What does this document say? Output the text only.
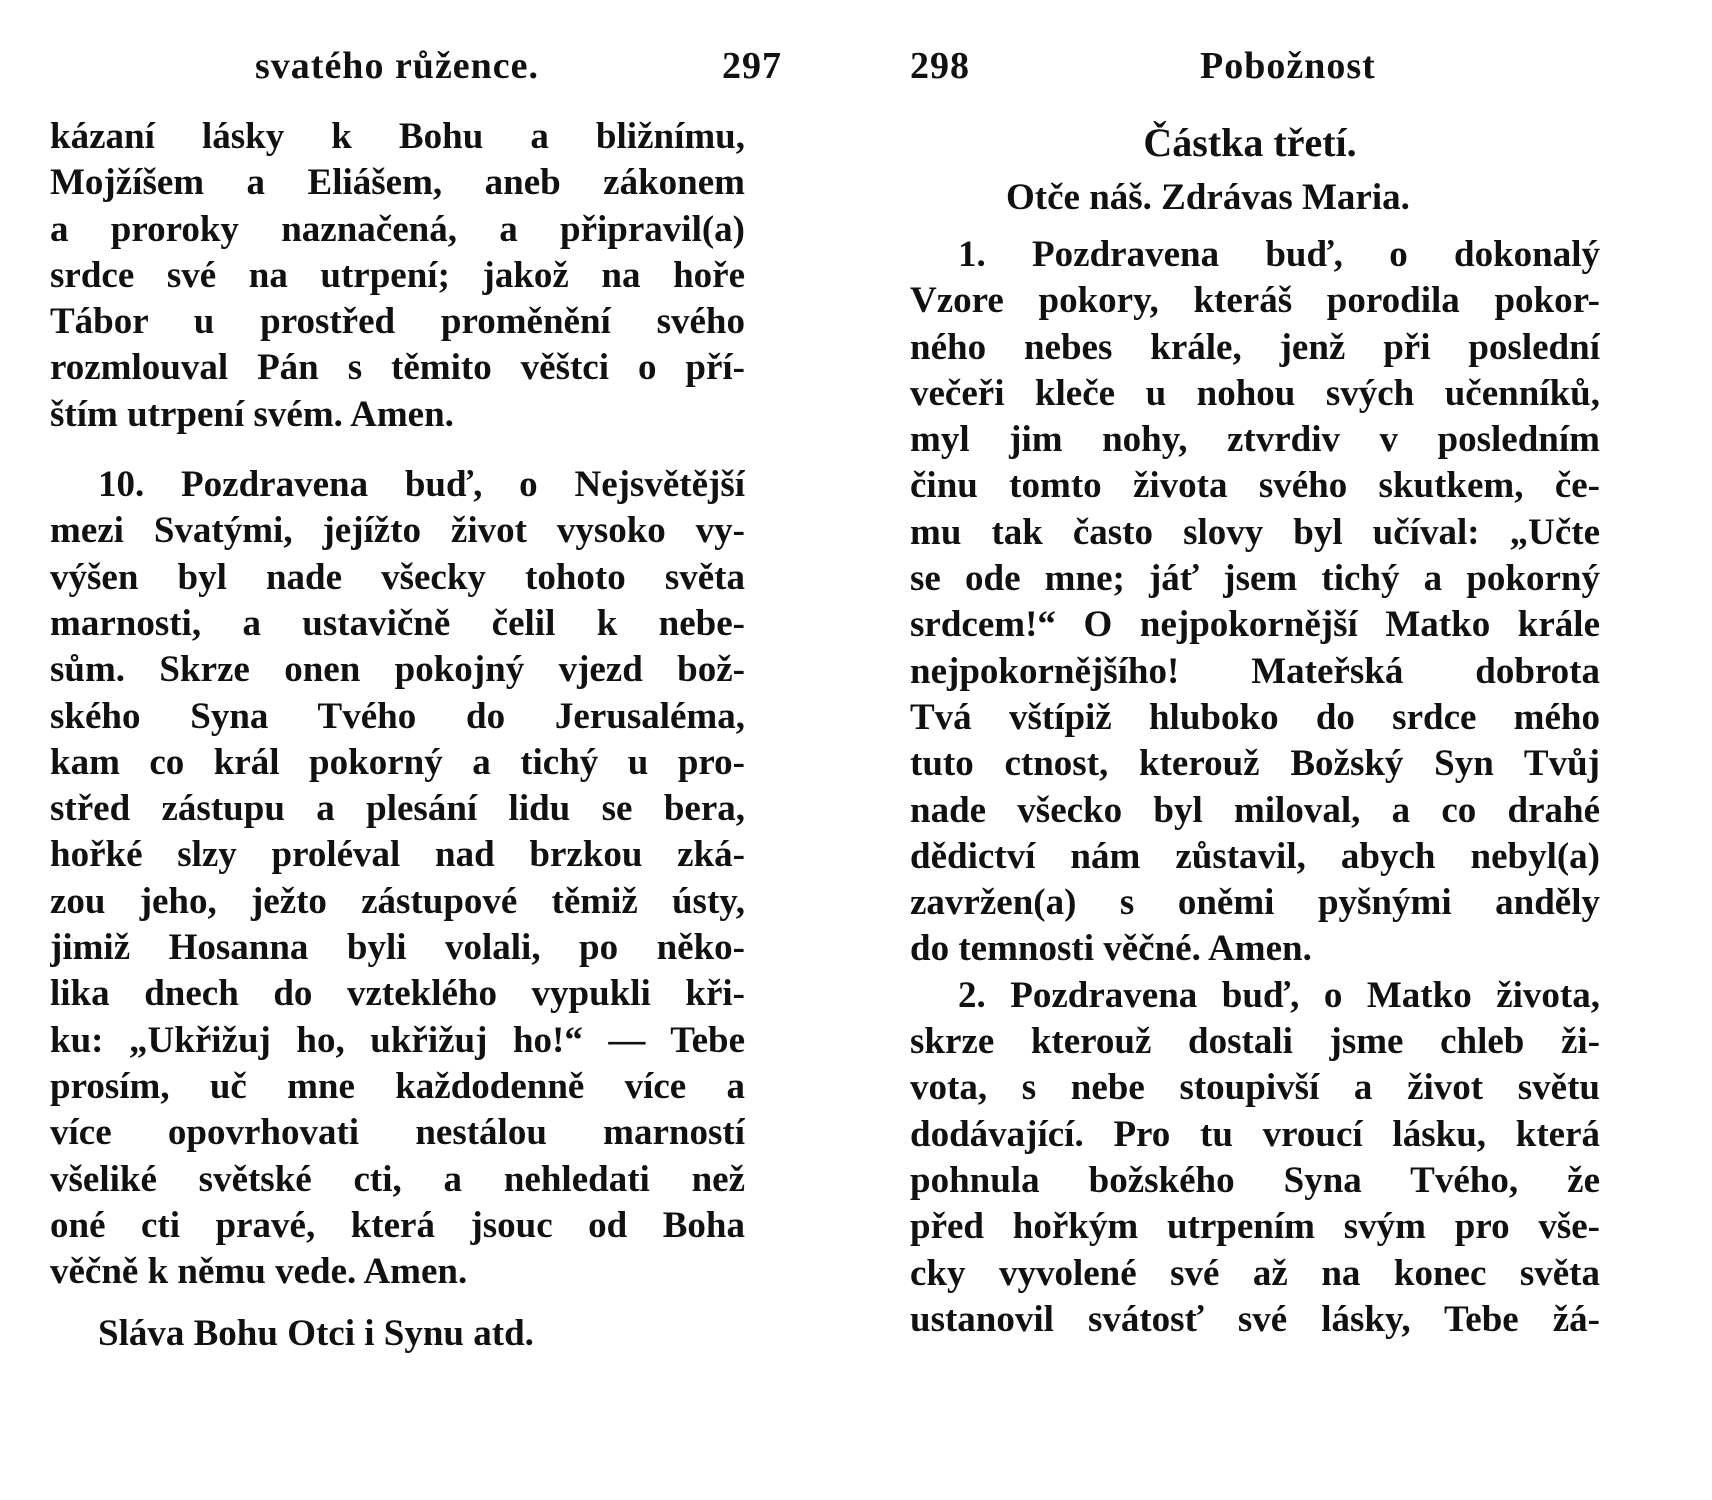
svatého růžence.	297
kázaní lásky k Bohu a bližnímu,
Mojžíšem a Eliášem, aneb zákonem
a proroky naznačená, a připravil(a)
srdce své na utrpení; jakož na hoře
Tábor u prostřed proměnění svého
rozmlouval Pán s těmito věštci o pří-
štím utrpení svém. Amen.
10. Pozdravena buď, o Nejsvětější
mezi Svatými, jejížto život vysoko vy-
výšen byl nade všecky tohoto světa
marnosti, a ustavičně čelil k nebe-
sům. Skrze onen pokojný vjezd bož-
ského Syna Tvého do Jerusaléma,
kam co král pokorný a tichý u pro-
střed zástupu a plesání lidu se bera,
hořké slzy proléval nad brzkou zká-
zou jeho, ježto zástupové těmiž ústy,
jimiž Hosanna byli volali, po něko-
lika dnech do vzteklého vypukli kři-
ku: „Ukřižuj ho, ukřižuj ho!“ — Tebe
prosím, uč mne každodenně více a
více opovrhovati nestálou marností
všeliké světské cti, a nehledati než
oné cti pravé, která jsouc od Boha
věčně k němu vede. Amen.
Sláva Bohu Otci i Synu atd.
298	Pobožnost
Částka třetí.
Otče náš. Zdrávas Maria.
1. Pozdravena buď, o dokonalý
Vzore pokory, kteráš porodila pokor-
ného nebes krále, jenž při poslední
večeři kleče u nohou svých učenníků,
myl jim nohy, ztvrdiv v posledním
činu tomto života svého skutkem, če-
mu tak často slovy byl učíval: „Učte
se ode mne; jáť jsem tichý a pokorný
srdcem!“ O nejpokornější Matko krále
nejpokornějšího! Mateřská dobrota
Tvá vštípiž hluboko do srdce mého
tuto ctnost, kterouž Božský Syn Tvůj
nade všecko byl miloval, a co drahé
dědictví nám zůstavil, abych nebyl(a)
zavržen(a) s oněmi pyšnými anděly
do temnosti věčné. Amen.
2. Pozdravena buď, o Matko života,
skrze kterouž dostali jsme chleb ži-
vota, s nebe stoupivší a život světu
dodávající. Pro tu vroucí lásku, která
pohnula božského Syna Tvého, že
před hořkým utrpením svým pro vše-
cky vyvolené své až na konec světa
ustanovil svátosť své lásky, Tebe žá-
